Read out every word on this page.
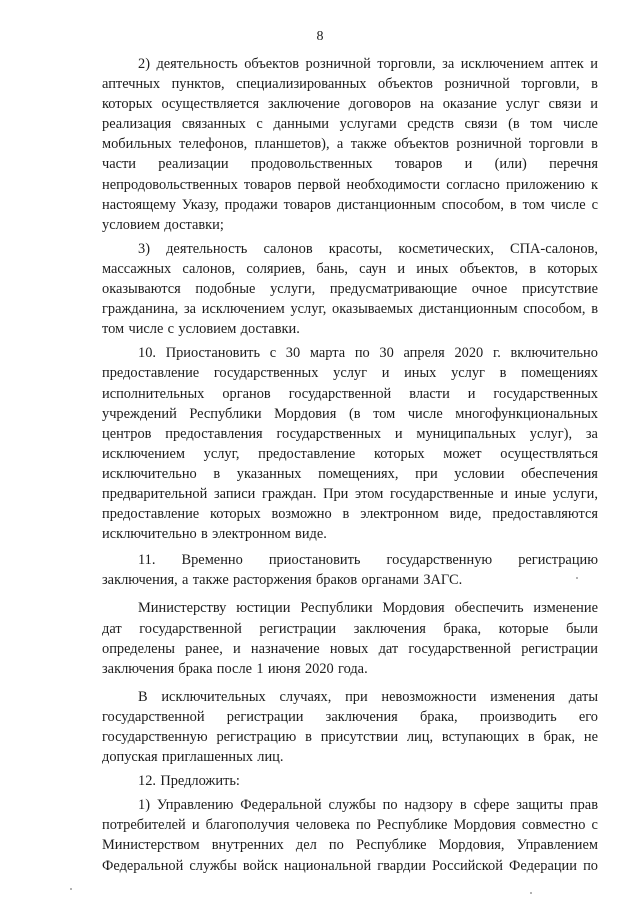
8
2) деятельность объектов розничной торговли, за исключением аптек и
аптечных пунктов, специализированных объектов розничной торговли, в
которых осуществляется заключение договоров на оказание услуг связи и
реализация связанных с данными услугами средств связи (в том числе
мобильных телефонов, планшетов), а также объектов розничной торговли в
части реализации продовольственных товаров и (или) перечня
непродовольственных товаров первой необходимости согласно приложению к
настоящему Указу, продажи товаров дистанционным способом, в том числе с
условием доставки;
3) деятельность салонов красоты, косметических, СПА-салонов,
массажных салонов, соляриев, бань, саун и иных объектов, в которых
оказываются подобные услуги, предусматривающие очное присутствие
гражданина, за исключением услуг, оказываемых дистанционным способом, в
том числе с условием доставки.
10. Приостановить с 30 марта по 30 апреля 2020 г. включительно
предоставление государственных услуг и иных услуг в помещениях
исполнительных органов государственной власти и государственных
учреждений Республики Мордовия (в том числе многофункциональных
центров предоставления государственных и муниципальных услуг), за
исключением услуг, предоставление которых может осуществляться
исключительно в указанных помещениях, при условии обеспечения
предварительной записи граждан. При этом государственные и иные услуги,
предоставление которых возможно в электронном виде, предоставляются
исключительно в электронном виде.
11. Временно приостановить государственную регистрацию
заключения, а также расторжения браков органами ЗАГС.
Министерству юстиции Республики Мордовия обеспечить изменение
дат государственной регистрации заключения брака, которые были
определены ранее, и назначение новых дат государственной регистрации
заключения брака после 1 июня 2020 года.
В исключительных случаях, при невозможности изменения даты
государственной регистрации заключения брака, производить его
государственную регистрацию в присутствии лиц, вступающих в брак, не
допуская приглашенных лиц.
12. Предложить:
1) Управлению Федеральной службы по надзору в сфере защиты прав
потребителей и благополучия человека по Республике Мордовия совместно с
Министерством внутренних дел по Республике Мордовия, Управлением
Федеральной службы войск национальной гвардии Российской Федерации по
